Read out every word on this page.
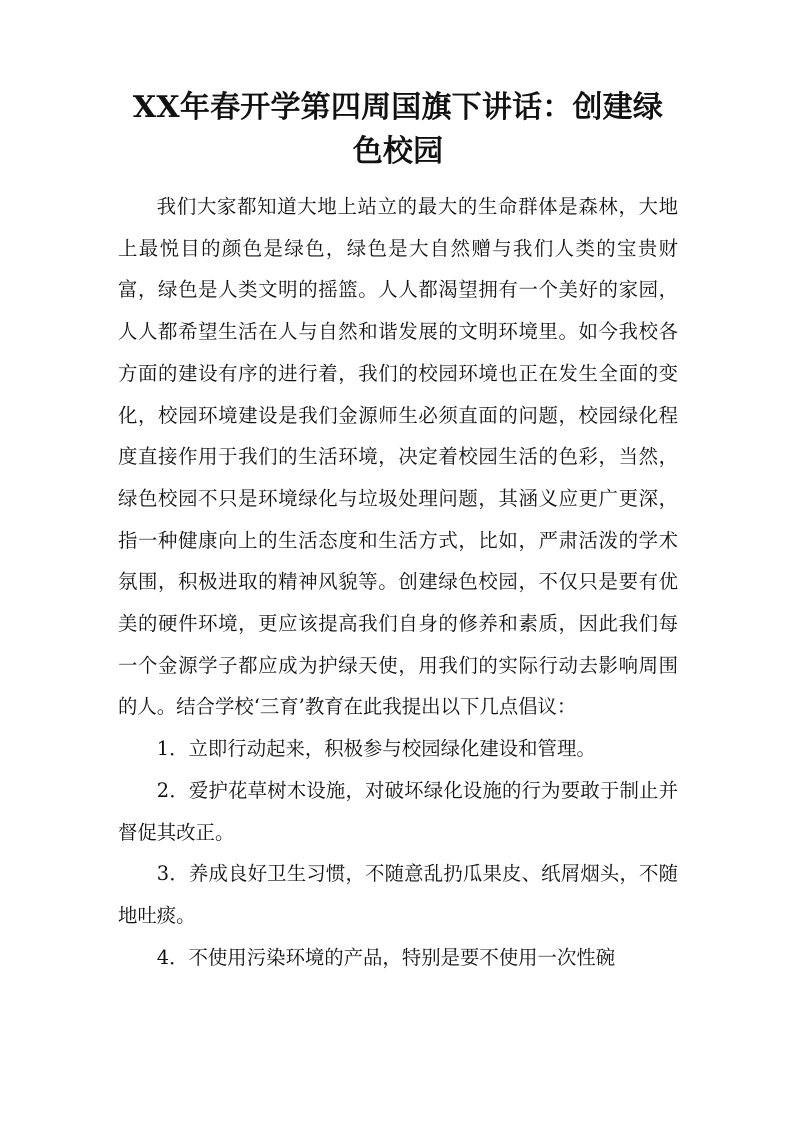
XX年春开学第四周国旗下讲话：创建绿色校园

我们大家都知道大地上站立的最大的生命群体是森林，大地上最悦目的颜色是绿色，绿色是大自然赠与我们人类的宝贵财富，绿色是人类文明的摇篮。人人都渴望拥有一个美好的家园，人人都希望生活在人与自然和谐发展的文明环境里。如今我校各方面的建设有序的进行着，我们的校园环境也正在发生全面的变化，校园环境建设是我们金源师生必须直面的问题，校园绿化程度直接作用于我们的生活环境，决定着校园生活的色彩，当然，绿色校园不只是环境绿化与垃圾处理问题，其涵义应更广更深，指一种健康向上的生活态度和生活方式，比如，严肃活泼的学术氛围，积极进取的精神风貌等。创建绿色校园，不仅只是要有优美的硬件环境，更应该提高我们自身的修养和素质，因此我们每一个金源学子都应成为护绿天使，用我们的实际行动去影响周围的人。结合学校‘三育’教育在此我提出以下几点倡议：

1．立即行动起来，积极参与校园绿化建设和管理。

2．爱护花草树木设施，对破坏绿化设施的行为要敢于制止并督促其改正。

3．养成良好卫生习惯，不随意乱扔瓜果皮、纸屑烟头，不随地吐痰。

4．不使用污染环境的产品，特别是要不使用一次性碗
